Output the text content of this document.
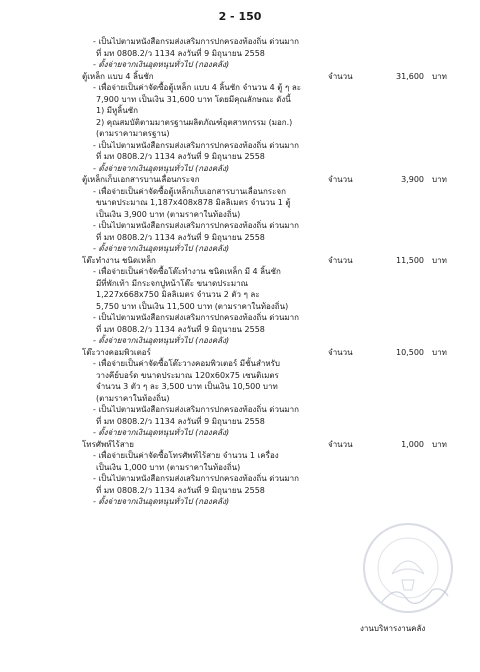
2 - 150
- เป็นไปตามหนังสือกรมส่งเสริมการปกครองท้องถิ่น ด่วนมาก
ที่ มท 0808.2/ว 1134 ลงวันที่ 9 มิถุนายน 2558
- ตั้งจ่ายจากเงินอุดหนุนทั่วไป (กองคลัง)
ตู้เหล็ก แบบ 4 ลิ้นชัก	จำนวน	31,600 บาท
- เพื่อจ่ายเป็นค่าจัดซื้อตู้เหล็ก แบบ 4 ลิ้นชัก จำนวน 4 ตู้ ๆ ละ
7,900 บาท เป็นเงิน 31,600 บาท โดยมีคุณลักษณะ ดังนี้
1) มีหูลิ้นชัก
2) คุณสมบัติตามมาตรฐานผลิตภัณฑ์อุตสาหกรรม (มอก.)
(ตามราคามาตรฐาน)
- เป็นไปตามหนังสือกรมส่งเสริมการปกครองท้องถิ่น ด่วนมาก
ที่ มท 0808.2/ว 1134 ลงวันที่ 9 มิถุนายน 2558
- ตั้งจ่ายจากเงินอุดหนุนทั่วไป (กองคลัง)
ตู้เหล็กเก็บเอกสารบานเลื่อนกระจก	จำนวน	3,900 บาท
- เพื่อจ่ายเป็นค่าจัดซื้อตู้เหล็กเก็บเอกสารบานเลื่อนกระจก
ขนาดประมาณ 1,187x408x878 มิลลิเมตร จำนวน 1 ตู้
เป็นเงิน 3,900 บาท (ตามราคาในท้องถิ่น)
- เป็นไปตามหนังสือกรมส่งเสริมการปกครองท้องถิ่น ด่วนมาก
ที่ มท 0808.2/ว 1134 ลงวันที่ 9 มิถุนายน 2558
- ตั้งจ่ายจากเงินอุดหนุนทั่วไป (กองคลัง)
โต๊ะทำงาน ชนิดเหล็ก	จำนวน	11,500 บาท
- เพื่อจ่ายเป็นค่าจัดซื้อโต๊ะทำงาน ชนิดเหล็ก มี 4 ลิ้นชัก
มีที่พักเท้า มีกระจกปูหน้าโต๊ะ ขนาดประมาณ
1,227x668x750 มิลลิเมตร จำนวน 2 ตัว ๆ ละ
5,750 บาท เป็นเงิน 11,500 บาท (ตามราคาในท้องถิ่น)
- เป็นไปตามหนังสือกรมส่งเสริมการปกครองท้องถิ่น ด่วนมาก
ที่ มท 0808.2/ว 1134 ลงวันที่ 9 มิถุนายน 2558
- ตั้งจ่ายจากเงินอุดหนุนทั่วไป (กองคลัง)
โต๊ะวางคอมพิวเตอร์	จำนวน	10,500 บาท
- เพื่อจ่ายเป็นค่าจัดซื้อโต๊ะวางคอมพิวเตอร์ มีชั้นสำหรับ
วางคีย์บอร์ด ขนาดประมาณ 120x60x75 เซนติเมตร
จำนวน 3 ตัว ๆ ละ 3,500 บาท เป็นเงิน 10,500 บาท
(ตามราคาในท้องถิ่น)
- เป็นไปตามหนังสือกรมส่งเสริมการปกครองท้องถิ่น ด่วนมาก
ที่ มท 0808.2/ว 1134 ลงวันที่ 9 มิถุนายน 2558
- ตั้งจ่ายจากเงินอุดหนุนทั่วไป (กองคลัง)
โทรศัพท์ไร้สาย	จำนวน	1,000 บาท
- เพื่อจ่ายเป็นค่าจัดซื้อโทรศัพท์ไร้สาย จำนวน 1 เครื่อง
เป็นเงิน 1,000 บาท (ตามราคาในท้องถิ่น)
- เป็นไปตามหนังสือกรมส่งเสริมการปกครองท้องถิ่น ด่วนมาก
ที่ มท 0808.2/ว 1134 ลงวันที่ 9 มิถุนายน 2558
- ตั้งจ่ายจากเงินอุดหนุนทั่วไป (กองคลัง)
งานบริหารงานคลัง
